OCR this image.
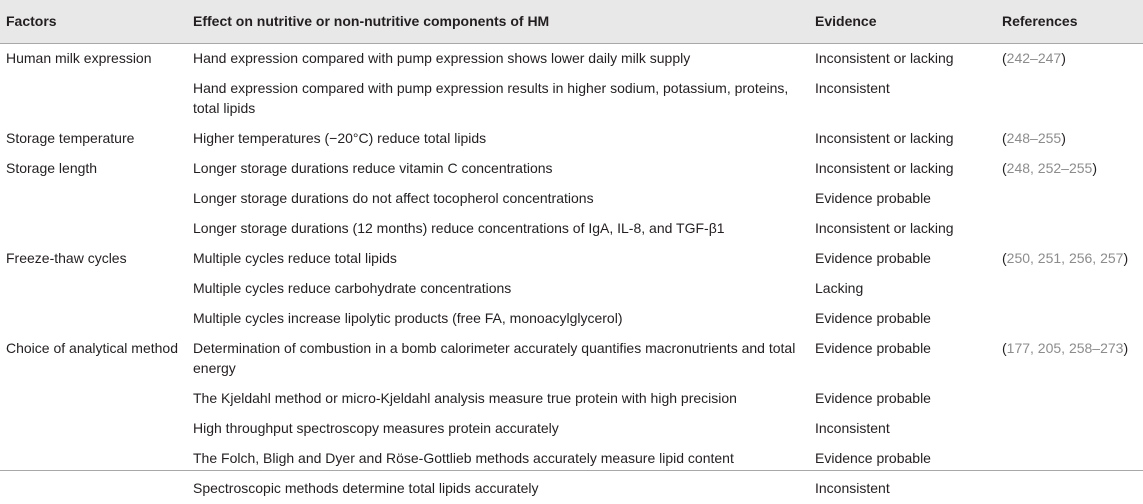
Factors	Effect on nutritive or non-nutritive components of HM	Evidence	References
Human milk expression	Hand expression compared with pump expression shows lower daily milk supply	Inconsistent or lacking	(242–247)
	Hand expression compared with pump expression results in higher sodium, potassium, proteins, total lipids	Inconsistent	
Storage temperature	Higher temperatures (−20°C) reduce total lipids	Inconsistent or lacking	(248–255)
Storage length	Longer storage durations reduce vitamin C concentrations	Inconsistent or lacking	(248, 252–255)
	Longer storage durations do not affect tocopherol concentrations	Evidence probable	
	Longer storage durations (12 months) reduce concentrations of IgA, IL-8, and TGF-β1	Inconsistent or lacking	
Freeze-thaw cycles	Multiple cycles reduce total lipids	Evidence probable	(250, 251, 256, 257)
	Multiple cycles reduce carbohydrate concentrations	Lacking	
	Multiple cycles increase lipolytic products (free FA, monoacylglycerol)	Evidence probable	
Choice of analytical method	Determination of combustion in a bomb calorimeter accurately quantifies macronutrients and total energy	Evidence probable	(177, 205, 258–273)
	The Kjeldahl method or micro-Kjeldahl analysis measure true protein with high precision	Evidence probable	
	High throughput spectroscopy measures protein accurately	Inconsistent	
	The Folch, Bligh and Dyer and Röse-Gottlieb methods accurately measure lipid content	Evidence probable	
	Spectroscopic methods determine total lipids accurately	Inconsistent	
